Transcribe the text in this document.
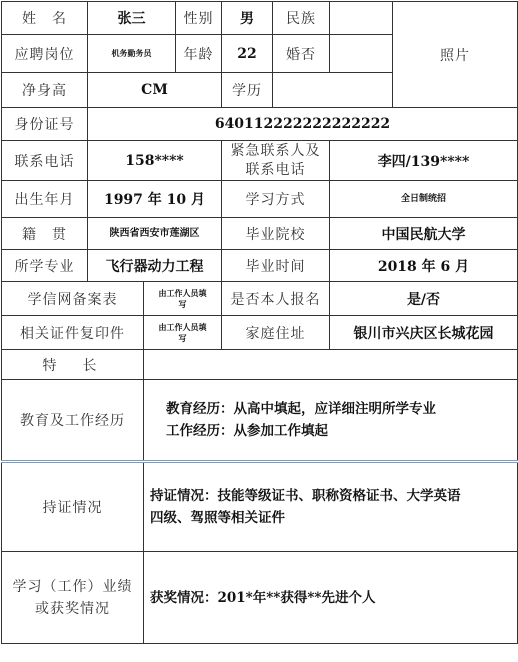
姓　名	张三		性别	男	民族		照片
应聘岗位	机务勤务员		年龄	22	婚否		
净身高	CM			学历			
身份证号	640112222222222222						
联系电话	158****			紧急联系人及联系电话		李四/139****	
出生年月	1997 年 10 月			学习方式		全日制统招	
籍　贯	陕西省西安市莲湖区			毕业院校		中国民航大学	
所学专业	飞行器动力工程			毕业时间		2018 年 6 月	
学信网备案表		由工作人员填写		是否本人报名		是/否	
相关证件复印件		由工作人员填写		家庭住址		银川市兴庆区长城花园	
特　长							
教育及工作经历		教育经历：从高中填起，应详细注明所学专业
工作经历：从参加工作填起					

持证情况		持证情况：技能等级证书、职称资格证书、大学英语
四级、驾照等相关证件					

学习（工作）业绩
或获奖情况		获奖情况：201*年**获得**先进个人					
